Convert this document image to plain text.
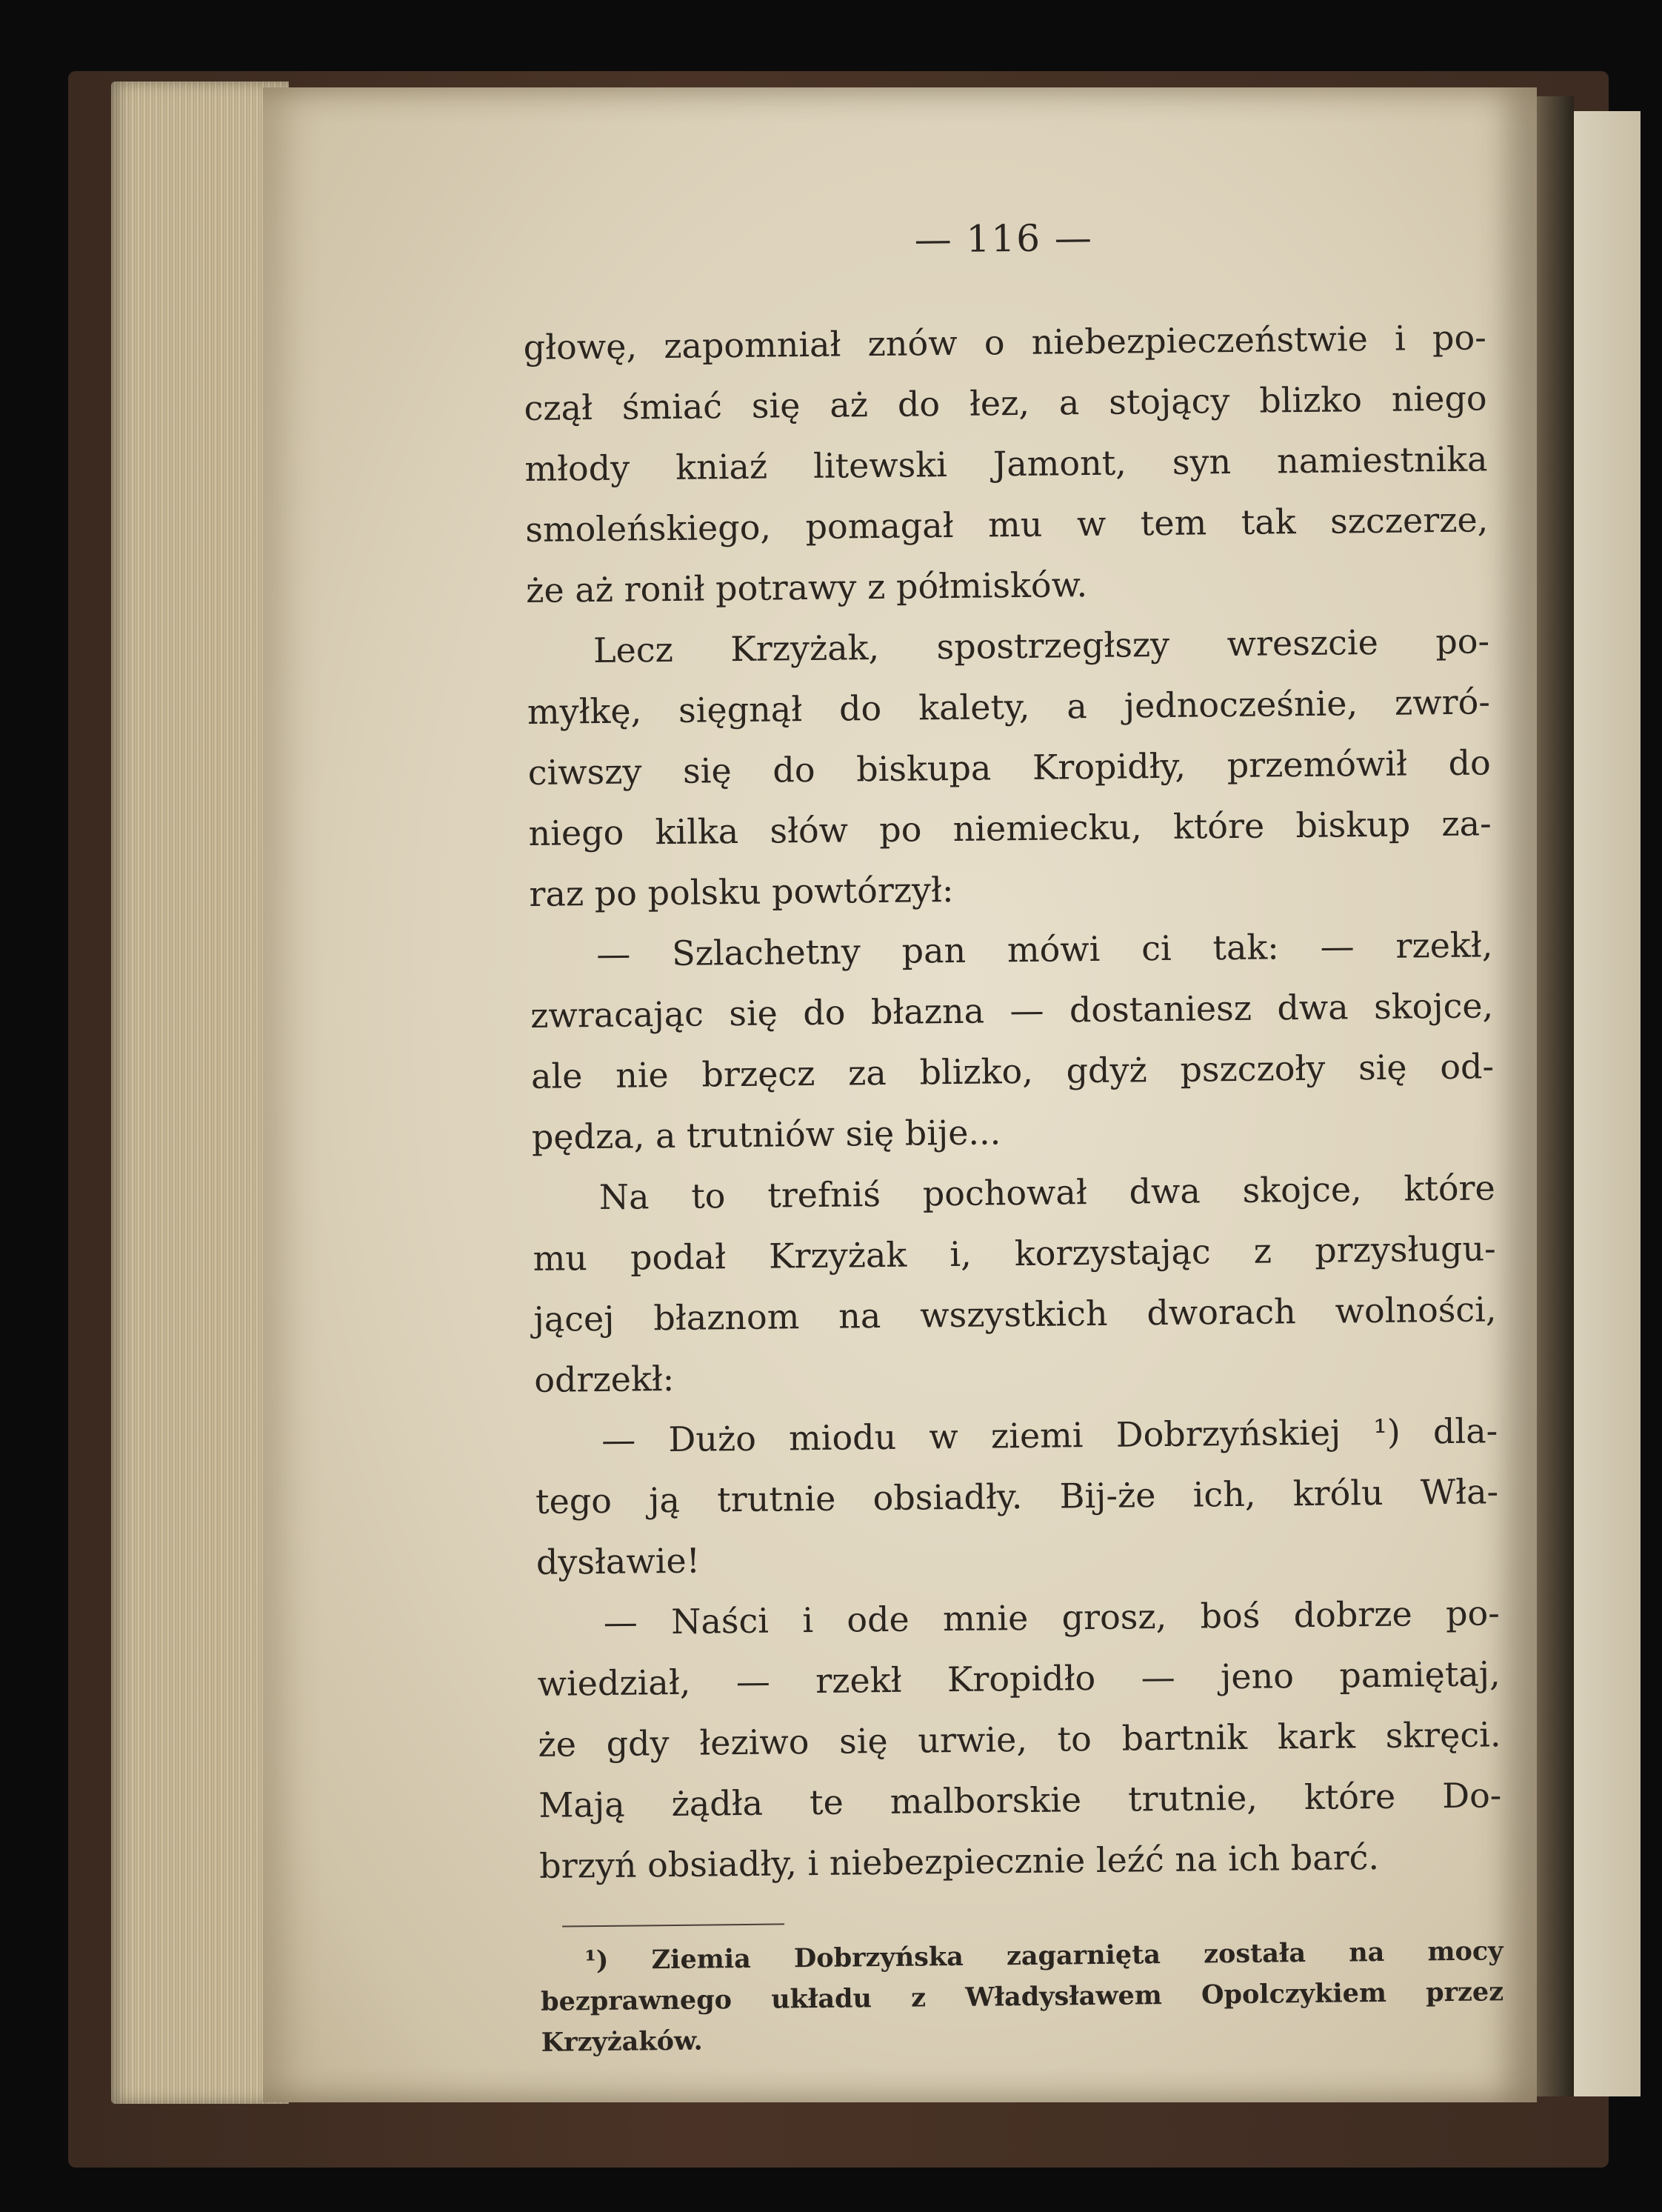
— 116 —

głowę, zapomniał znów o niebezpieczeństwie i po-

czął śmiać się aż do łez, a stojący blizko niego

młody kniaź litewski Jamont, syn namiestnika

smoleńskiego, pomagał mu w tem tak szczerze,

że aż ronił potrawy z półmisków.

Lecz Krzyżak, spostrzegłszy wreszcie po-

myłkę, sięgnął do kalety, a jednocześnie, zwró-

ciwszy się do biskupa Kropidły, przemówił do

niego kilka słów po niemiecku, które biskup za-

raz po polsku powtórzył:

— Szlachetny pan mówi ci tak: — rzekł,

zwracając się do błazna — dostaniesz dwa skojce,

ale nie brzęcz za blizko, gdyż pszczoły się od-

pędza, a trutniów się bije...

Na to trefniś pochował dwa skojce, które

mu podał Krzyżak i, korzystając z przysługu-

jącej błaznom na wszystkich dworach wolności,

odrzekł:

— Dużo miodu w ziemi Dobrzyńskiej ¹) dla-

tego ją trutnie obsiadły. Bij-że ich, królu Wła-

dysławie!

— Naści i ode mnie grosz, boś dobrze po-

wiedział, — rzekł Kropidło — jeno pamiętaj,

że gdy łeziwo się urwie, to bartnik kark skręci.

Mają żądła te malborskie trutnie, które Do-

brzyń obsiadły, i niebezpiecznie leźć na ich barć.

¹) Ziemia Dobrzyńska zagarnięta została na mocy

bezprawnego układu z Władysławem Opolczykiem przez

Krzyżaków.
